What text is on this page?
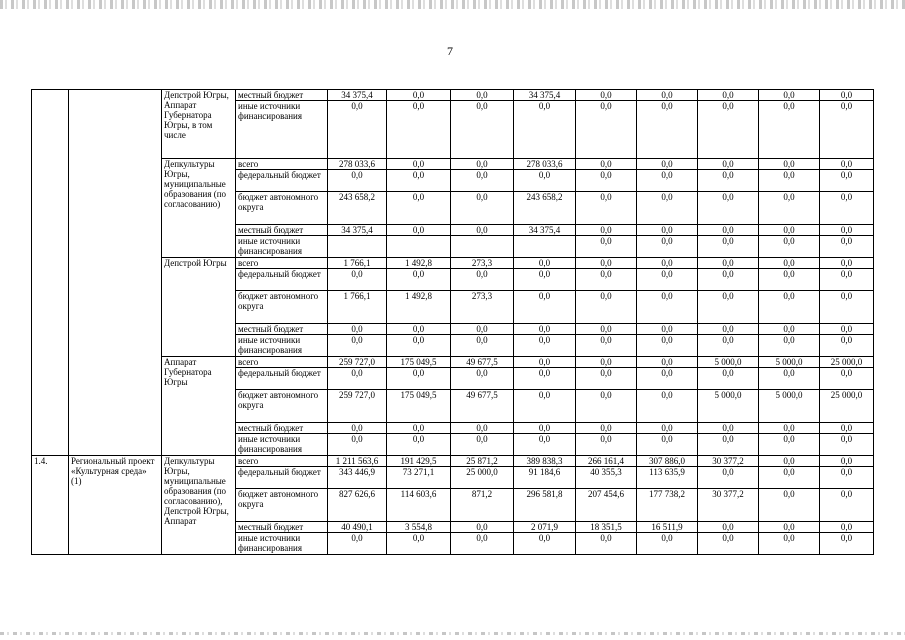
7
		Депстрой Югры, Аппарат Губернатора Югры, в том числе	местный бюджет	34 375,4	0,0	0,0	34 375,4	0,0	0,0	0,0	0,0	0,0
			иные источники финансирования	0,0	0,0	0,0	0,0	0,0	0,0	0,0	0,0	0,0
		Депкультуры Югры, муниципальные образования (по согласованию)	всего	278 033,6	0,0	0,0	278 033,6	0,0	0,0	0,0	0,0	0,0
			федеральный бюджет	0,0	0,0	0,0	0,0	0,0	0,0	0,0	0,0	0,0
			бюджет автономного округа	243 658,2	0,0	0,0	243 658,2	0,0	0,0	0,0	0,0	0,0
			местный бюджет	34 375,4	0,0	0,0	34 375,4	0,0	0,0	0,0	0,0	0,0
			иные источники финансирования					0,0	0,0	0,0	0,0	0,0
		Депстрой Югры	всего	1 766,1	1 492,8	273,3	0,0	0,0	0,0	0,0	0,0	0,0
			федеральный бюджет	0,0	0,0	0,0	0,0	0,0	0,0	0,0	0,0	0,0
			бюджет автономного округа	1 766,1	1 492,8	273,3	0,0	0,0	0,0	0,0	0,0	0,0
			местный бюджет	0,0	0,0	0,0	0,0	0,0	0,0	0,0	0,0	0,0
			иные источники финансирования	0,0	0,0	0,0	0,0	0,0	0,0	0,0	0,0	0,0
		Аппарат Губернатора Югры	всего	259 727,0	175 049,5	49 677,5	0,0	0,0	0,0	5 000,0	5 000,0	25 000,0
			федеральный бюджет	0,0	0,0	0,0	0,0	0,0	0,0	0,0	0,0	0,0
			бюджет автономного округа	259 727,0	175 049,5	49 677,5	0,0	0,0	0,0	5 000,0	5 000,0	25 000,0
			местный бюджет	0,0	0,0	0,0	0,0	0,0	0,0	0,0	0,0	0,0
			иные источники финансирования	0,0	0,0	0,0	0,0	0,0	0,0	0,0	0,0	0,0
1.4.	Региональный проект «Культурная среда» (1)	Депкультуры Югры, муниципальные образования (по согласованию), Депстрой Югры, Аппарат	всего	1 211 563,6	191 429,5	25 871,2	389 838,3	266 161,4	307 886,0	30 377,2	0,0	0,0
			федеральный бюджет	343 446,9	73 271,1	25 000,0	91 184,6	40 355,3	113 635,9	0,0	0,0	0,0
			бюджет автономного округа	827 626,6	114 603,6	871,2	296 581,8	207 454,6	177 738,2	30 377,2	0,0	0,0
			местный бюджет	40 490,1	3 554,8	0,0	2 071,9	18 351,5	16 511,9	0,0	0,0	0,0
			иные источники финансирования	0,0	0,0	0,0	0,0	0,0	0,0	0,0	0,0	0,0
